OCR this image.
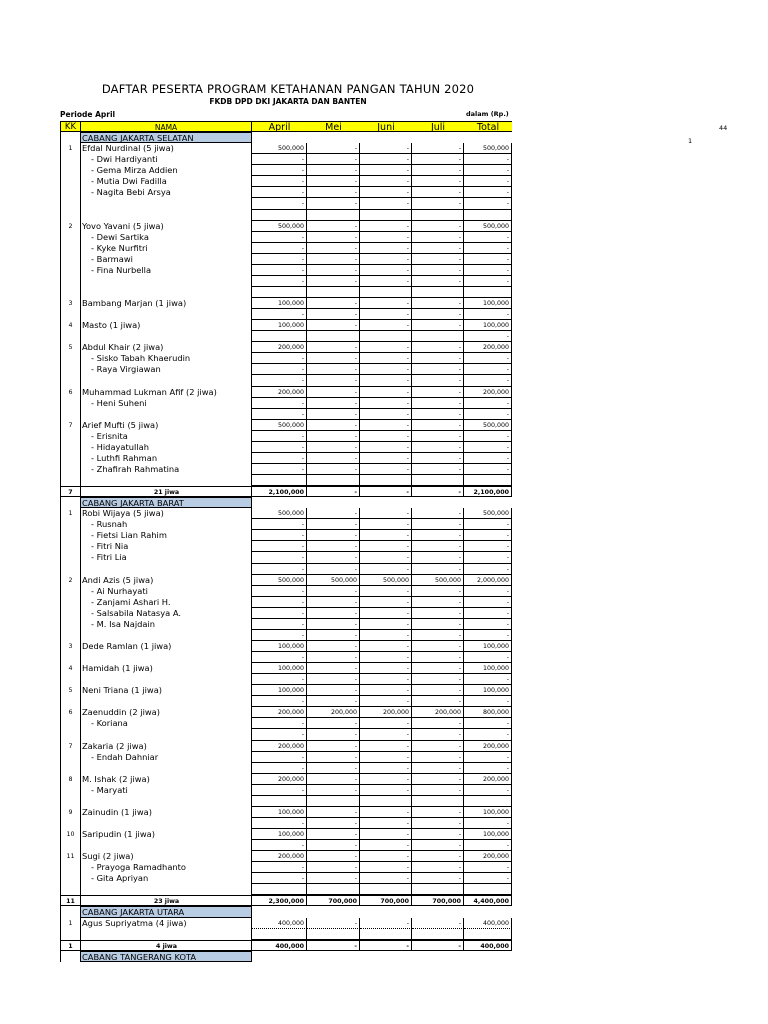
DAFTAR PESERTA PROGRAM KETAHANAN PANGAN TAHUN 2020
FKDB DPD DKI JAKARTA DAN BANTEN
Periode April	dalam (Rp.)
44
1
KK	NAMA	April	Mei	Juni	Juli	Total
CABANG JAKARTA SELATAN
1	Efdal Nurdinal (5 jiwa)	500,000	-	-	-	500,000
- Dwi Hardiyanti	-	-	-	-	-
- Gema Mirza Addien	-	-	-	-	-
- Mutia Dwi Fadilla	-	-	-	-	-
- Nagita Bebi Arsya	-	-	-	-	-
-	-	-	-	-
2	Yovo Yavani (5 jiwa)	500,000	-	-	-	500,000
- Dewi Sartika	-	-	-	-	-
- Kyke Nurfitri	-	-	-	-	-
- Barmawi	-	-	-	-	-
- Fina Nurbella	-	-	-	-	-
-	-	-	-	-
3	Bambang Marjan (1 jiwa)	100,000	-	-	-	100,000
-	-	-	-	-
4	Masto (1 jiwa)	100,000	-	-	-	100,000
-
5	Abdul Khair (2 jiwa)	200,000	-	-	-	200,000
- Sisko Tabah Khaerudin	-	-	-	-	-
- Raya Virgiawan	-	-	-	-	-
-	-	-	-	-
6	Muhammad Lukman Afif (2 jiwa)	200,000	-	-	-	200,000
- Heni Suheni	-	-	-	-	-
-	-	-	-	-
7	Arief Mufti (5 jiwa)	500,000	-	-	-	500,000
- Erisnita	-	-	-	-	-
- Hidayatullah	-	-	-	-	-
- Luthfi Rahman	-	-	-	-	-
- Zhafirah Rahmatina	-	-	-	-	-
7	21 jiwa	2,100,000	-	-	-	2,100,000
CABANG JAKARTA BARAT
1	Robi Wijaya (5 jiwa)	500,000	-	-	-	500,000
- Rusnah	-	-	-	-	-
- Fietsi Lian Rahim	-	-	-	-	-
- Fitri Nia	-	-	-	-	-
- Fitri Lia	-	-	-	-	-
-	-	-	-	-
2	Andi Azis (5 jiwa)	500,000	500,000	500,000	500,000	2,000,000
- Ai Nurhayati	-	-	-	-	-
- Zanjami Ashari H.	-	-	-	-	-
- Salsabila Natasya A.	-	-	-	-	-
- M. Isa Najdain	-	-	-	-	-
-	-	-	-	-
3	Dede Ramlan (1 jiwa)	100,000	-	-	-	100,000
-	-	-	-	-
4	Hamidah (1 jiwa)	100,000	-	-	-	100,000
-	-	-	-	-
5	Neni Triana (1 jiwa)	100,000	-	-	-	100,000
-	-	-	-	-
6	Zaenuddin (2 jiwa)	200,000	200,000	200,000	200,000	800,000
- Koriana	-	-	-	-	-
-	-	-	-	-
7	Zakaria (2 jiwa)	200,000	-	-	-	200,000
- Endah Dahniar	-	-	-	-	-
-	-	-	-	-
8	M. Ishak (2 jiwa)	200,000	-	-	-	200,000
- Maryati	-	-	-	-	-
9	Zainudin (1 jiwa)	100,000	-	-	-	100,000
-	-	-	-	-
10 Saripudin (1 jiwa)	100,000	-	-	-	100,000
-	-	-	-	-
11 Sugi (2 jiwa)	200,000	-	-	-	200,000
- Prayoga Ramadhanto	-	-	-	-	-
- Gita Apriyan	-	-	-	-	-
11	23 jiwa	2,300,000	700,000	700,000	700,000	4,400,000
CABANG JAKARTA UTARA
1	Agus Supriyatma (4 jiwa)	400,000	-	-	-	400,000
1	4 jiwa	400,000	-	-	-	400,000
CABANG TANGERANG KOTA
